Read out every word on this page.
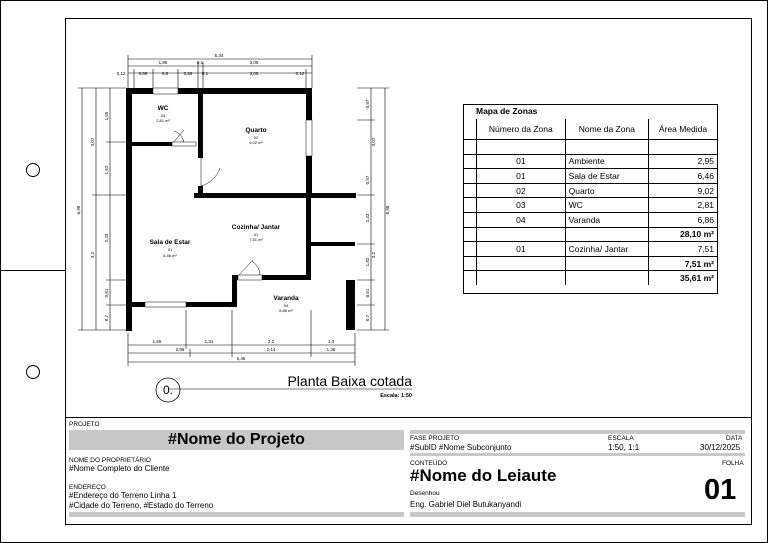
5,34
1,85	0,1	3,05
0,12	0,59	0,8	0,59 0,1	3,05	0,12
6,98
3,07
3,2
1,55
1,52
2,33
0,61
0,7
6,98
3,07
3,2
0,97
0,97
2,33
1,82
0,61
0,7
WC
03
2,81 m²
Quarto
02
9,02 m²
Cozinha/ Jantar
01
7,51 m²
Sala de Estar
01
6,46 m²
Varanda
04
6,86 m²
1,65	1,31	2,2	1,3
2,96	2,14	1,36
6,46
0.
Planta Baixa cotada
Escala: 1:50
Mapa de Zonas
	Número da Zona	Nome da Zona	Área Medida

	01	Ambiente	2,95
	01	Sala de Estar	6,46
	02	Quarto	9,02
	03	WC	2,81
	04	Varanda	6,86
			28,10 m²
	01	Cozinha/ Jantar	7,51
			7,51 m²
			35,61 m²
PROJETO
#Nome do Projeto
NOME DO PROPRIETÁRIO
#Nome Completo do Cliente
ENDEREÇO
#Endereço do Terreno Linha 1
#Cidade do Terreno, #Estado do Terreno
FASE PROJETO	ESCALA	DATA
#SubID #Nome Subconjunto	1:50, 1:1	30/12/2025
CONTEÚDO	FOLHA
#Nome do Leiaute	01
Desenhou
Eng. Gabriel Diel Butukanyandi
